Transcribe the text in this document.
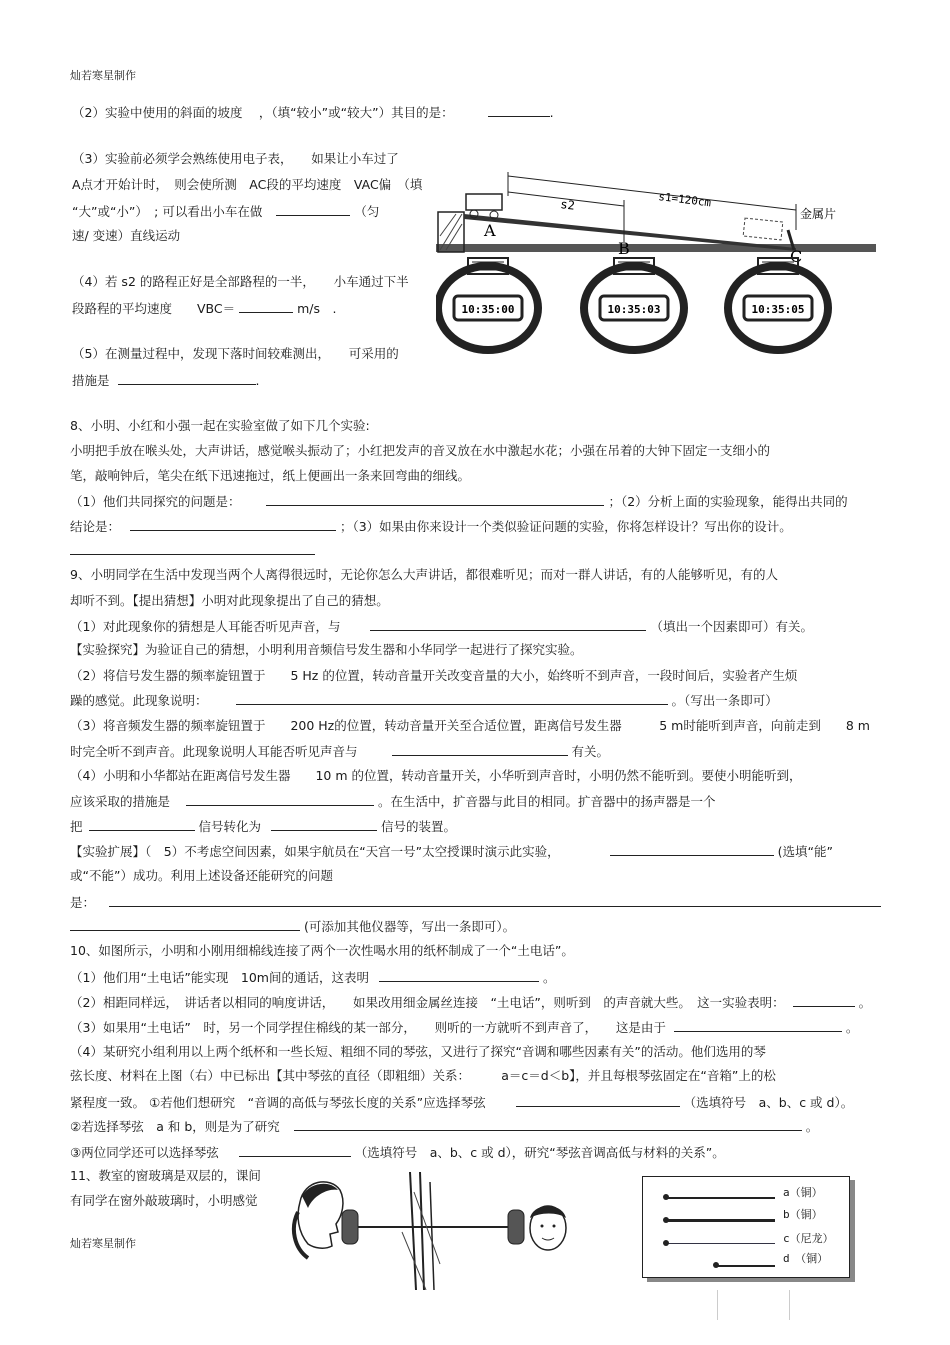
灿若寒星制作
（2）实验中使用的斜面的坡度　 ，（填“较小”或“较大”）其目的是：	.
（3）实验前必须学会熟练使用电子表，　　如果让小车过了
A点才开始计时，　则会使所测　AC段的平均速度　VAC偏　（填
“大”或“小”）　; 可以看出小车在做	（匀
速/ 变速）直线运动
（4）若 s2 的路程正好是全部路程的一半，　　小车通过下半
段路程的平均速度　　VBC＝	m/s　.
（5）在测量过程中，发现下落时间较难测出，　　可采用的
措施是	.
s1=120cm
s2
金属片
A
B	C
10:35:00	10:35:03	10:35:05
8、小明、小红和小强一起在实验室做了如下几个实验:
小明把手放在喉头处，大声讲话，感觉喉头振动了；小红把发声的音叉放在水中激起水花；小强在吊着的大钟下固定一支细小的
笔，敲响钟后，笔尖在纸下迅速拖过，纸上便画出一条来回弯曲的细线。
（1）他们共同探究的问题是：	；（2）分析上面的实验现象，能得出共同的
结论是：	；（3）如果由你来设计一个类似验证问题的实验，你将怎样设计？写出你的设计。
9、小明同学在生活中发现当两个人离得很远时，无论你怎么大声讲话，都很难听见；而对一群人讲话，有的人能够听见，有的人
却听不到。【提出猜想】小明对此现象提出了自己的猜想。
（1）对此现象你的猜想是人耳能否听见声音，与	（填出一个因素即可）有关。
【实验探究】为验证自己的猜想，小明利用音频信号发生器和小华同学一起进行了探究实验。
（2）将信号发生器的频率旋钮置于　　5 Hz 的位置，转动音量开关改变音量的大小，始终听不到声音，一段时间后，实验者产生烦
躁的感觉。此现象说明：	。（写出一条即可）
（3）将音频发生器的频率旋钮置于　　200 Hz的位置，转动音量开关至合适位置，距离信号发生器　　　5 m时能听到声音，向前走到　　8 m
时完全听不到声音。此现象说明人耳能否听见声音与	有关。
（4）小明和小华都站在距离信号发生器　　10 m 的位置，转动音量开关，小华听到声音时，小明仍然不能听到。要使小明能听到，
应该采取的措施是	。在生活中，扩音器与此目的相同。扩音器中的扬声器是一个
把	信号转化为	信号的装置。
【实验扩展】（　5）不考虑空间因素，如果宇航员在“天宫一号”太空授课时演示此实验，	(选填“能”
或“不能”）成功。利用上述设备还能研究的问题
是：
(可添加其他仪器等，写出一条即可）。
10、如图所示，小明和小刚用细棉线连接了两个一次性喝水用的纸杯制成了一个“土电话”。
（1）他们用“土电话”能实现　10m间的通话，这表明	。
（2）相距同样远，　讲话者以相同的响度讲话，　　如果改用细金属丝连接　“土电话”，则听到　的声音就大些。　这一实验表明：	。
（3）如果用“土电话”　时，另一个同学捏住棉线的某一部分，　　则听的一方就听不到声音了，　　这是由于	。
（4）某研究小组利用以上两个纸杯和一些长短、粗细不同的琴弦，又进行了探究“音调和哪些因素有关”的活动。他们选用的琴
弦长度、材料在上图（右）中已标出【其中琴弦的直径（即粗细）关系：　　　a＝c＝d＜b】，并且每根琴弦固定在“音箱”上的松
紧程度一致。 ①若他们想研究　“音调的高低与琴弦长度的关系”应选择琴弦	（选填符号　a、b、c 或 d）。
②若选择琴弦　a 和 b，则是为了研究	。
③两位同学还可以选择琴弦	（选填符号　a、b、c 或 d），研究“琴弦音调高低与材料的关系”。
11、教室的窗玻璃是双层的，课间
有同学在窗外敲玻璃时，小明感觉
a（铜）
b（铜）
c（尼龙）
d　（铜）
灿若寒星制作
